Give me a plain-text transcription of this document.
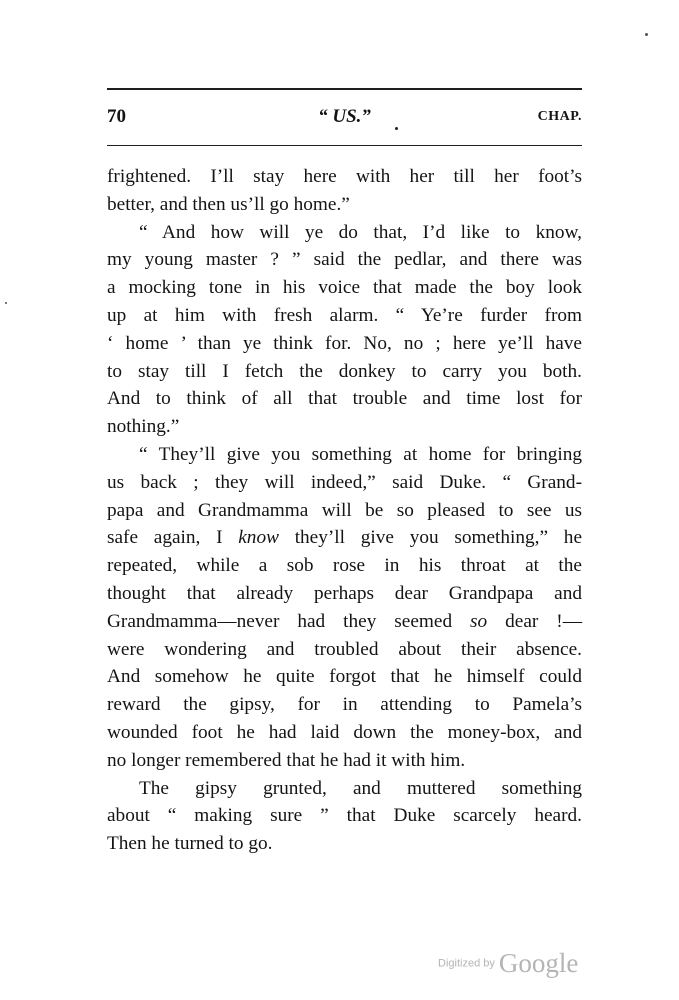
70	“ US.”	CHAP.
frightened. I’ll stay here with her till her foot’s
better, and then us’ll go home.”
“ And how will ye do that, I’d like to know,
my young master ? ” said the pedlar, and there was
a mocking tone in his voice that made the boy look
up at him with fresh alarm. “ Ye’re furder from
‘ home ’ than ye think for. No, no ; here ye’ll have
to stay till I fetch the donkey to carry you both.
And to think of all that trouble and time lost for
nothing.”
“ They’ll give you something at home for bringing
us back ; they will indeed,” said Duke. “ Grand-
papa and Grandmamma will be so pleased to see us
safe again, I know they’ll give you something,” he
repeated, while a sob rose in his throat at the
thought that already perhaps dear Grandpapa and
Grandmamma—never had they seemed so dear !—
were wondering and troubled about their absence.
And somehow he quite forgot that he himself could
reward the gipsy, for in attending to Pamela’s
wounded foot he had laid down the money-box, and
no longer remembered that he had it with him.
The gipsy grunted, and muttered something
about “ making sure ” that Duke scarcely heard.
Then he turned to go.
Digitized by Google
